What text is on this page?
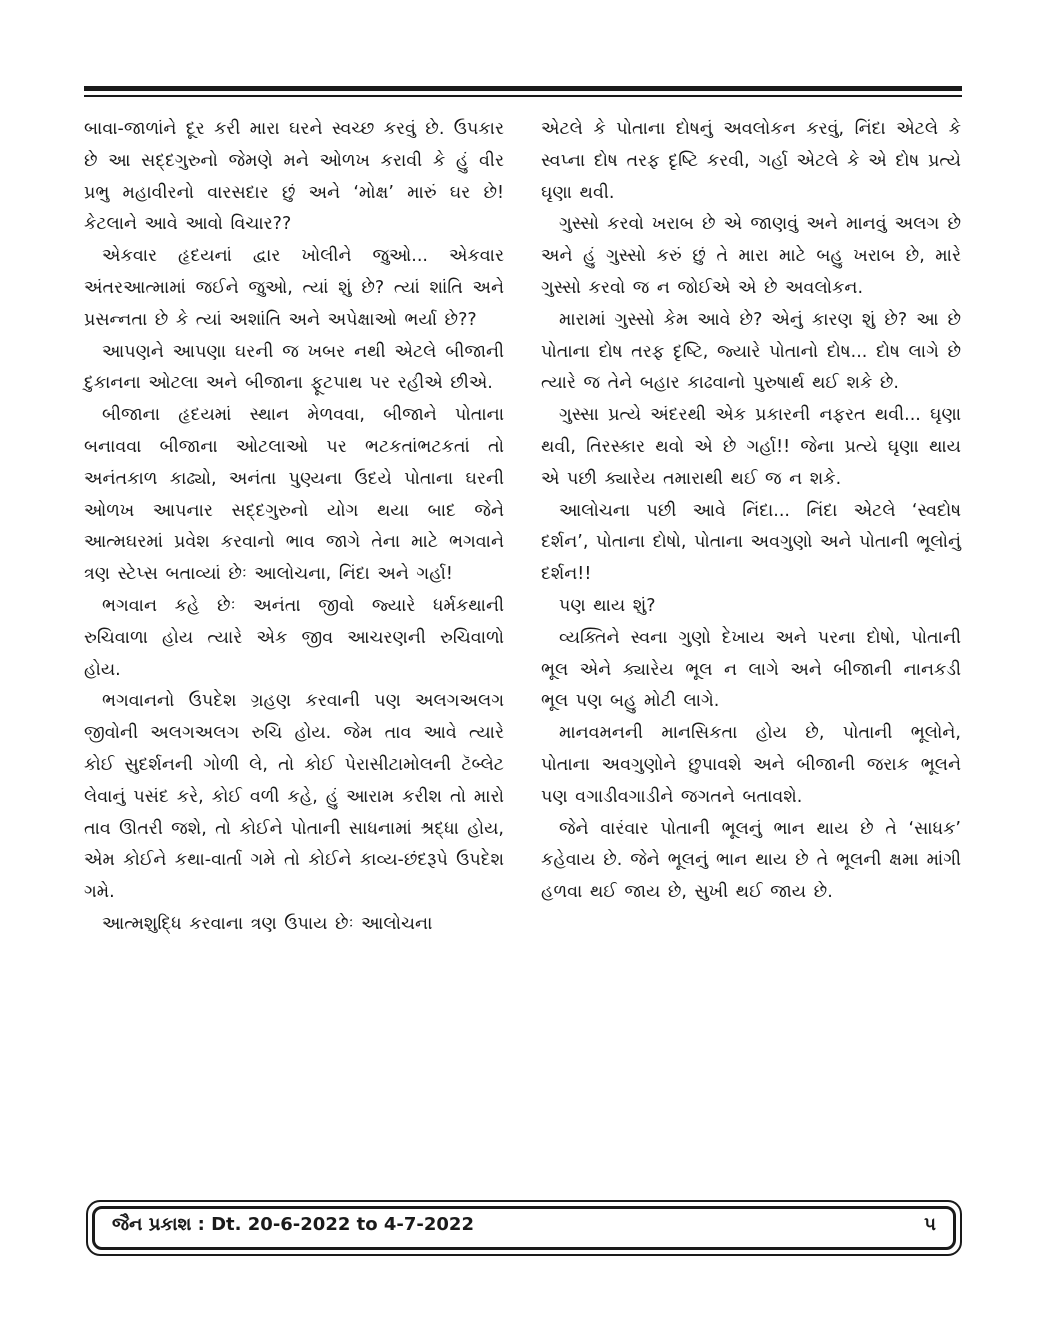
બાવા-જાળાંને દૂર કરી મારા ઘરને સ્વચ્છ કરવું છે. ઉપકાર છે આ સદ્દગુરુનો જેમણે મને ઓળખ કરાવી કે હું વીર પ્રભુ મહાવીરનો વારસદાર છું અને ‘મોક્ષ’ મારું ઘર છે! કેટલાને આવે આવો વિચાર??

એકવાર હૃદયનાં દ્વાર ખોલીને જુઓ... એકવાર અંતરઆત્મામાં જઈને જુઓ, ત્યાં શું છે? ત્યાં શાંતિ અને પ્રસન્નતા છે કે ત્યાં અશાંતિ અને અપેક્ષાઓ ભર્યા છે??

આપણને આપણા ઘરની જ ખબર નથી એટલે બીજાની દુકાનના ઓટલા અને બીજાના ફૂટપાથ પર રહીએ છીએ.

બીજાના હૃદયમાં સ્થાન મેળવવા, બીજાને પોતાના બનાવવા બીજાના ઓટલાઓ પર ભટકતાંભટકતાં તો અનંતકાળ કાઢ્યો, અનંતા પુણ્યના ઉદયે પોતાના ઘરની ઓળખ આપનાર સદ્દગુરુનો યોગ થયા બાદ જેને આત્મઘરમાં પ્રવેશ કરવાનો ભાવ જાગે તેના માટે ભગવાને ત્રણ સ્ટેપ્સ બતાવ્યાં છેઃ આલોચના, નિંદા અને ગર્હા!

ભગવાન કહે છેઃ અનંતા જીવો જ્યારે ધર્મકથાની રુચિવાળા હોય ત્યારે એક જીવ આચરણની રુચિવાળો હોય.

ભગવાનનો ઉપદેશ ગ્રહણ કરવાની પણ અલગઅલગ જીવોની અલગઅલગ રુચિ હોય. જેમ તાવ આવે ત્યારે કોઈ સુદર્શનની ગોળી લે, તો કોઈ પેરાસીટામોલની ટૅબ્લેટ લેવાનું પસંદ કરે, કોઈ વળી કહે, હું આરામ કરીશ તો મારો તાવ ઊતરી જશે, તો કોઈને પોતાની સાધનામાં શ્રદ્ધા હોય, એમ કોઈને કથા-વાર્તા ગમે તો કોઈને કાવ્ય-છંદરૂપે ઉપદેશ ગમે.

આત્મશુદ્ધિ કરવાના ત્રણ ઉપાય છેઃ આલોચના

એટલે કે પોતાના દોષનું અવલોકન કરવું, નિંદા એટલે કે સ્વપ્ના દોષ તરફ દૃષ્ટિ કરવી, ગર્હા એટલે કે એ દોષ પ્રત્યે ઘૃણા થવી.

ગુસ્સો કરવો ખરાબ છે એ જાણવું અને માનવું અલગ છે અને હું ગુસ્સો કરું છું તે મારા માટે બહુ ખરાબ છે, મારે ગુસ્સો કરવો જ ન જોઈએ એ છે અવલોકન.

મારામાં ગુસ્સો કેમ આવે છે? એનું કારણ શું છે? આ છે પોતાના દોષ તરફ દૃષ્ટિ, જ્યારે પોતાનો દોષ... દોષ લાગે છે ત્યારે જ તેને બહાર કાઢવાનો પુરુષાર્થ થઈ શકે છે.

ગુસ્સા પ્રત્યે અંદરથી એક પ્રકારની નફરત થવી... ઘૃણા થવી, તિરસ્કાર થવો એ છે ગર્હા!! જેના પ્રત્યે ઘૃણા થાય એ પછી ક્યારેય તમારાથી થઈ જ ન શકે.

આલોચના પછી આવે નિંદા... નિંદા એટલે ‘સ્વદોષ દર્શન’, પોતાના દોષો, પોતાના અવગુણો અને પોતાની ભૂલોનું દર્શન!!

પણ થાય શું?

વ્યક્તિને સ્વના ગુણો દેખાય અને પરના દોષો, પોતાની ભૂલ એને ક્યારેય ભૂલ ન લાગે અને બીજાની નાનકડી ભૂલ પણ બહુ મોટી લાગે.

માનવમનની માનસિકતા હોય છે, પોતાની ભૂલોને, પોતાના અવગુણોને છુપાવશે અને બીજાની જરાક ભૂલને પણ વગાડીવગાડીને જગતને બતાવશે.

જેને વારંવાર પોતાની ભૂલનું ભાન થાય છે તે ‘સાધક’ કહેવાય છે. જેને ભૂલનું ભાન થાય છે તે ભૂલની ક્ષમા માંગી હળવા થઈ જાય છે, સુખી થઈ જાય છે.

જૈન પ્રકાશ : Dt. 20-6-2022 to 4-7-2022	૫
